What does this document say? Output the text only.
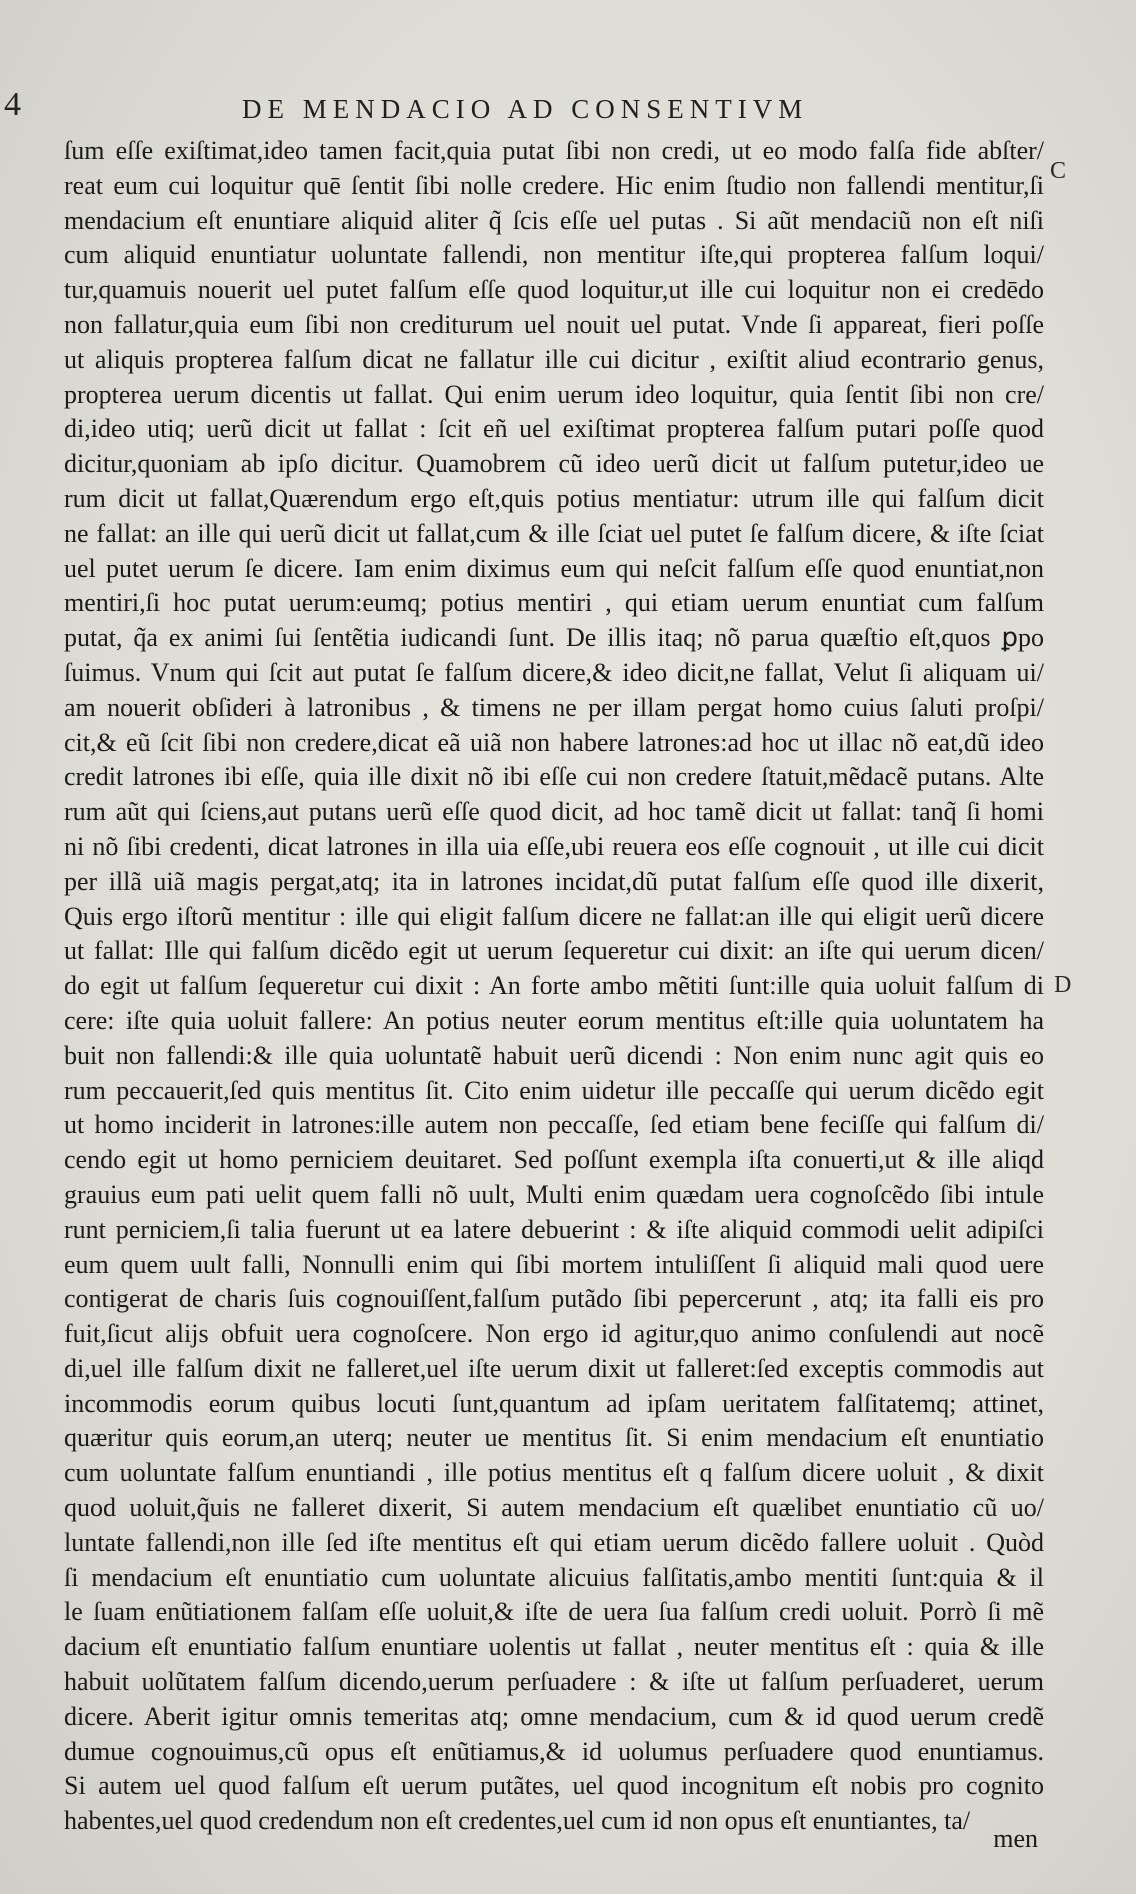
4	DE MENDACIO AD CONSENTIVM
C
D
ſum eſſe exiſtimat,ideo tamen facit,quia putat ſibi non credi, ut eo modo falſa fide abſter/
reat eum cui loquitur quē ſentit ſibi nolle credere. Hic enim ſtudio non fallendi mentitur,ſi
mendacium eſt enuntiare aliquid aliter q̃ ſcis eſſe uel putas . Si aũt mendaciũ non eſt niſi
cum aliquid enuntiatur uoluntate fallendi, non mentitur iſte,qui propterea falſum loqui/
tur,quamuis nouerit uel putet falſum eſſe quod loquitur,ut ille cui loquitur non ei credēdo
non fallatur,quia eum ſibi non crediturum uel nouit uel putat. Vnde ſi appareat, fieri poſſe
ut aliquis propterea falſum dicat ne fallatur ille cui dicitur , exiſtit aliud econtrario genus,
propterea uerum dicentis ut fallat. Qui enim uerum ideo loquitur, quia ſentit ſibi non cre/
di,ideo utiq; uerũ dicit ut fallat : ſcit eñ uel exiſtimat propterea falſum putari poſſe quod
dicitur,quoniam ab ipſo dicitur. Quamobrem cũ ideo uerũ dicit ut falſum putetur,ideo ue
rum dicit ut fallat,Quærendum ergo eſt,quis potius mentiatur: utrum ille qui falſum dicit
ne fallat: an ille qui uerũ dicit ut fallat,cum & ille ſciat uel putet ſe falſum dicere, & iſte ſciat
uel putet uerum ſe dicere. Iam enim diximus eum qui neſcit falſum eſſe quod enuntiat,non
mentiri,ſi hoc putat uerum:eumq; potius mentiri , qui etiam uerum enuntiat cum falſum
putat, q̃a ex animi ſui ſentẽtia iudicandi ſunt. De illis itaq; nõ parua quæſtio eſt,quos ꝑpo
ſuimus. Vnum qui ſcit aut putat ſe falſum dicere,& ideo dicit,ne fallat, Velut ſi aliquam ui/
am nouerit obſideri à latronibus , & timens ne per illam pergat homo cuius ſaluti proſpi/
cit,& eũ ſcit ſibi non credere,dicat eã uiã non habere latrones:ad hoc ut illac nõ eat,dũ ideo
credit latrones ibi eſſe, quia ille dixit nõ ibi eſſe cui non credere ſtatuit,mẽdacẽ putans. Alte
rum aũt qui ſciens,aut putans uerũ eſſe quod dicit, ad hoc tamẽ dicit ut fallat: tanq̃ ſi homi
ni nõ ſibi credenti, dicat latrones in illa uia eſſe,ubi reuera eos eſſe cognouit , ut ille cui dicit
per illã uiã magis pergat,atq; ita in latrones incidat,dũ putat falſum eſſe quod ille dixerit,
Quis ergo iſtorũ mentitur : ille qui eligit falſum dicere ne fallat:an ille qui eligit uerũ dicere
ut fallat: Ille qui falſum dicẽdo egit ut uerum ſequeretur cui dixit: an iſte qui uerum dicen/
do egit ut falſum ſequeretur cui dixit : An forte ambo mẽtiti ſunt:ille quia uoluit falſum di
cere: iſte quia uoluit fallere: An potius neuter eorum mentitus eſt:ille quia uoluntatem ha
buit non fallendi:& ille quia uoluntatẽ habuit uerũ dicendi : Non enim nunc agit quis eo
rum peccauerit,ſed quis mentitus ſit. Cito enim uidetur ille peccaſſe qui uerum dicẽdo egit
ut homo inciderit in latrones:ille autem non peccaſſe, ſed etiam bene feciſſe qui falſum di/
cendo egit ut homo perniciem deuitaret. Sed poſſunt exempla iſta conuerti,ut & ille aliqd
grauius eum pati uelit quem falli nõ uult, Multi enim quædam uera cognoſcẽdo ſibi intule
runt perniciem,ſi talia fuerunt ut ea latere debuerint : & iſte aliquid commodi uelit adipiſci
eum quem uult falli, Nonnulli enim qui ſibi mortem intuliſſent ſi aliquid mali quod uere
contigerat de charis ſuis cognouiſſent,falſum putãdo ſibi pepercerunt , atq; ita falli eis pro
fuit,ſicut alijs obfuit uera cognoſcere. Non ergo id agitur,quo animo conſulendi aut nocẽ
di,uel ille falſum dixit ne falleret,uel iſte uerum dixit ut falleret:ſed exceptis commodis aut
incommodis eorum quibus locuti ſunt,quantum ad ipſam ueritatem falſitatemq; attinet,
quæritur quis eorum,an uterq; neuter ue mentitus ſit. Si enim mendacium eſt enuntiatio
cum uoluntate falſum enuntiandi , ille potius mentitus eſt q falſum dicere uoluit , & dixit
quod uoluit,q̃uis ne falleret dixerit, Si autem mendacium eſt quælibet enuntiatio cũ uo/
luntate fallendi,non ille ſed iſte mentitus eſt qui etiam uerum dicẽdo fallere uoluit . Quòd
ſi mendacium eſt enuntiatio cum uoluntate alicuius falſitatis,ambo mentiti ſunt:quia & il
le ſuam enũtiationem falſam eſſe uoluit,& iſte de uera ſua falſum credi uoluit. Porrò ſi mẽ
dacium eſt enuntiatio falſum enuntiare uolentis ut fallat , neuter mentitus eſt : quia & ille
habuit uolũtatem falſum dicendo,uerum perſuadere : & iſte ut falſum perſuaderet, uerum
dicere. Aberit igitur omnis temeritas atq; omne mendacium, cum & id quod uerum credẽ
dumue cognouimus,cũ opus eſt enũtiamus,& id uolumus perſuadere quod enuntiamus.
Si autem uel quod falſum eſt uerum putãtes, uel quod incognitum eſt nobis pro cognito
habentes,uel quod credendum non eſt credentes,uel cum id non opus eſt enuntiantes, ta/
men
